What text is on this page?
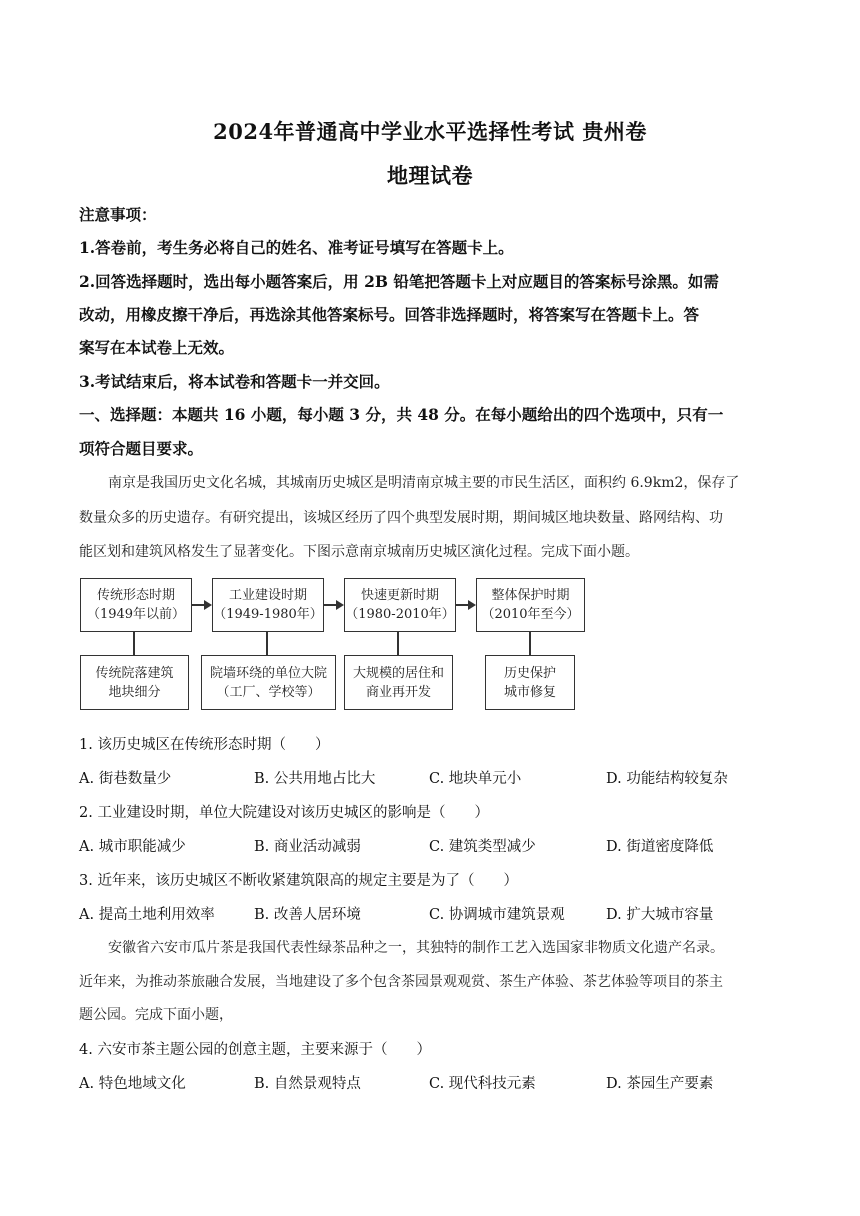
2024年普通高中学业水平选择性考试 贵州卷
地理试卷
注意事项：
1.答卷前，考生务必将自己的姓名、准考证号填写在答题卡上。
2.回答选择题时，选出每小题答案后，用 2B 铅笔把答题卡上对应题目的答案标号涂黑。如需
改动，用橡皮擦干净后，再选涂其他答案标号。回答非选择题时，将答案写在答题卡上。答
案写在本试卷上无效。
3.考试结束后，将本试卷和答题卡一并交回。
一、选择题：本题共 16 小题，每小题 3 分，共 48 分。在每小题给出的四个选项中，只有一
项符合题目要求。
南京是我国历史文化名城，其城南历史城区是明清南京城主要的市民生活区，面积约 6.9km2，保存了
数量众多的历史遗存。有研究提出，该城区经历了四个典型发展时期，期间城区地块数量、路网结构、功
能区划和建筑风格发生了显著变化。下图示意南京城南历史城区演化过程。完成下面小题。
传统形态时期
（1949年以前）
工业建设时期
（1949-1980年）
快速更新时期
（1980-2010年）
整体保护时期
（2010年至今）
传统院落建筑
地块细分
院墙环绕的单位大院
（工厂、学校等）
大规模的居住和
商业再开发
历史保护
城市修复
1. 该历史城区在传统形态时期（　　）
A. 街巷数量少	B. 公共用地占比大	C. 地块单元小	D. 功能结构较复杂
2. 工业建设时期，单位大院建设对该历史城区的影响是（　　）
A. 城市职能减少	B. 商业活动减弱	C. 建筑类型减少	D. 街道密度降低
3. 近年来，该历史城区不断收紧建筑限高的规定主要是为了（　　）
A. 提高土地利用效率	B. 改善人居环境	C. 协调城市建筑景观	D. 扩大城市容量
安徽省六安市瓜片茶是我国代表性绿茶品种之一，其独特的制作工艺入选国家非物质文化遗产名录。
近年来，为推动茶旅融合发展，当地建设了多个包含茶园景观观赏、茶生产体验、茶艺体验等项目的茶主
题公园。完成下面小题，
4. 六安市茶主题公园的创意主题，主要来源于（　　）
A. 特色地域文化	B. 自然景观特点	C. 现代科技元素	D. 茶园生产要素
